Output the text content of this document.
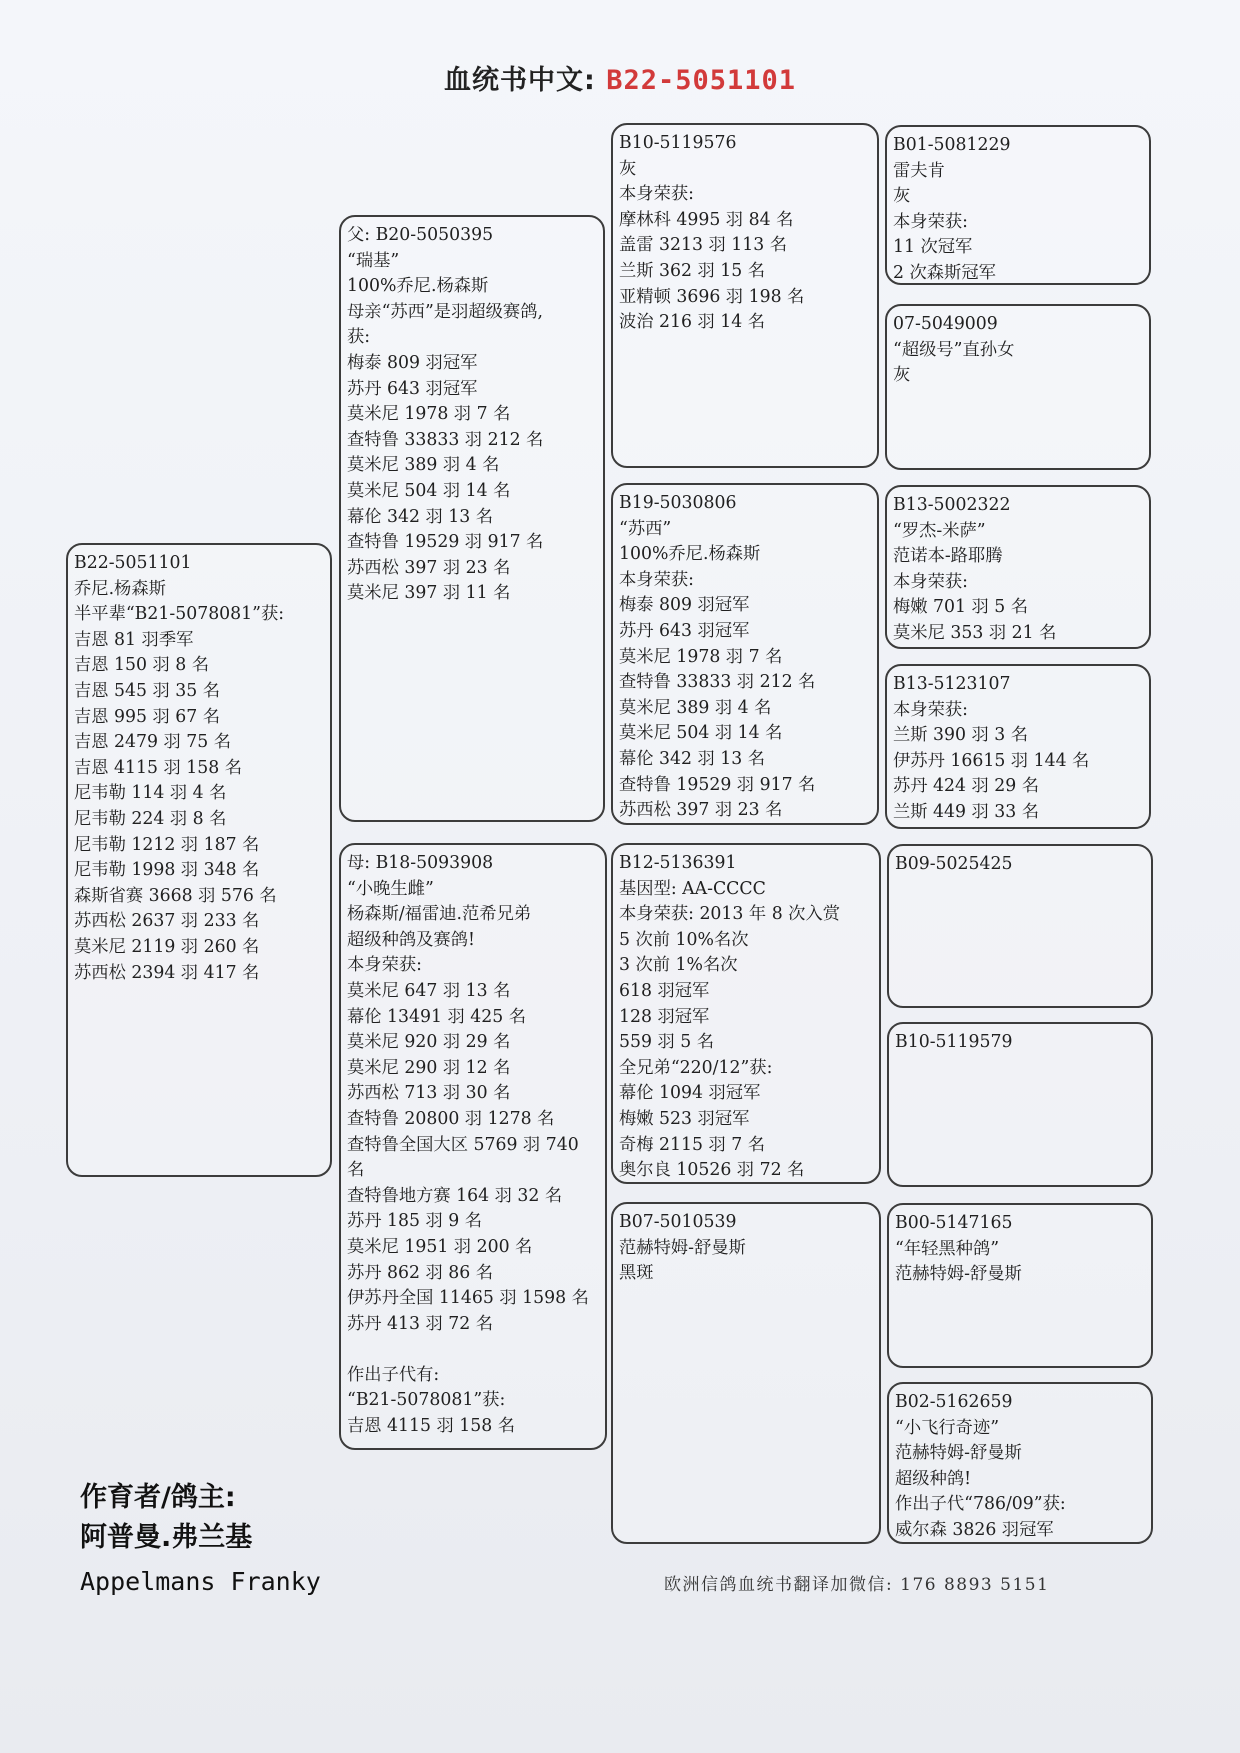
血统书中文: B22-5051101
B22-5051101
乔尼.杨森斯
半平辈“B21-5078081”获:
吉恩 81 羽季军
吉恩 150 羽 8 名
吉恩 545 羽 35 名
吉恩 995 羽 67 名
吉恩 2479 羽 75 名
吉恩 4115 羽 158 名
尼韦勒 114 羽 4 名
尼韦勒 224 羽 8 名
尼韦勒 1212 羽 187 名
尼韦勒 1998 羽 348 名
森斯省赛 3668 羽 576 名
苏西松 2637 羽 233 名
莫米尼 2119 羽 260 名
苏西松 2394 羽 417 名
父: B20-5050395
“瑞基”
100%乔尼.杨森斯
母亲“苏西”是羽超级赛鸽,
获:
梅泰 809 羽冠军
苏丹 643 羽冠军
莫米尼 1978 羽 7 名
查特鲁 33833 羽 212 名
莫米尼 389 羽 4 名
莫米尼 504 羽 14 名
幕伦 342 羽 13 名
查特鲁 19529 羽 917 名
苏西松 397 羽 23 名
莫米尼 397 羽 11 名
母: B18-5093908
“小晚生雌”
杨森斯/福雷迪.范希兄弟
超级种鸽及赛鸽!
本身荣获:
莫米尼 647 羽 13 名
幕伦 13491 羽 425 名
莫米尼 920 羽 29 名
莫米尼 290 羽 12 名
苏西松 713 羽 30 名
查特鲁 20800 羽 1278 名
查特鲁全国大区 5769 羽 740 名
查特鲁地方赛 164 羽 32 名
苏丹 185 羽 9 名
莫米尼 1951 羽 200 名
苏丹 862 羽 86 名
伊苏丹全国 11465 羽 1598 名
苏丹 413 羽 72 名
作出子代有:
“B21-5078081”获:
吉恩 4115 羽 158 名
B10-5119576
灰
本身荣获:
摩林科 4995 羽 84 名
盖雷 3213 羽 113 名
兰斯 362 羽 15 名
亚精顿 3696 羽 198 名
波治 216 羽 14 名
B19-5030806
“苏西”
100%乔尼.杨森斯
本身荣获:
梅泰 809 羽冠军
苏丹 643 羽冠军
莫米尼 1978 羽 7 名
查特鲁 33833 羽 212 名
莫米尼 389 羽 4 名
莫米尼 504 羽 14 名
幕伦 342 羽 13 名
查特鲁 19529 羽 917 名
苏西松 397 羽 23 名
B12-5136391
基因型: AA-CCCC
本身荣获: 2013 年 8 次入赏
5 次前 10%名次
3 次前 1%名次
618 羽冠军
128 羽冠军
559 羽 5 名
全兄弟“220/12”获:
幕伦 1094 羽冠军
梅嫩 523 羽冠军
奇梅 2115 羽 7 名
奥尔良 10526 羽 72 名
B07-5010539
范赫特姆-舒曼斯
黑斑
B01-5081229
雷夫肯
灰
本身荣获:
11 次冠军
2 次森斯冠军
07-5049009
“超级号”直孙女
灰
B13-5002322
“罗杰-米萨”
范诺本-路耶腾
本身荣获:
梅嫩 701 羽 5 名
莫米尼 353 羽 21 名
B13-5123107
本身荣获:
兰斯 390 羽 3 名
伊苏丹 16615 羽 144 名
苏丹 424 羽 29 名
兰斯 449 羽 33 名
B09-5025425
B10-5119579
B00-5147165
“年轻黑种鸽”
范赫特姆-舒曼斯
B02-5162659
“小飞行奇迹”
范赫特姆-舒曼斯
超级种鸽!
作出子代“786/09”获:
威尔森 3826 羽冠军
作育者/鸽主:
阿普曼.弗兰基
Appelmans Franky	欧洲信鸽血统书翻译加微信: 176 8893 5151
